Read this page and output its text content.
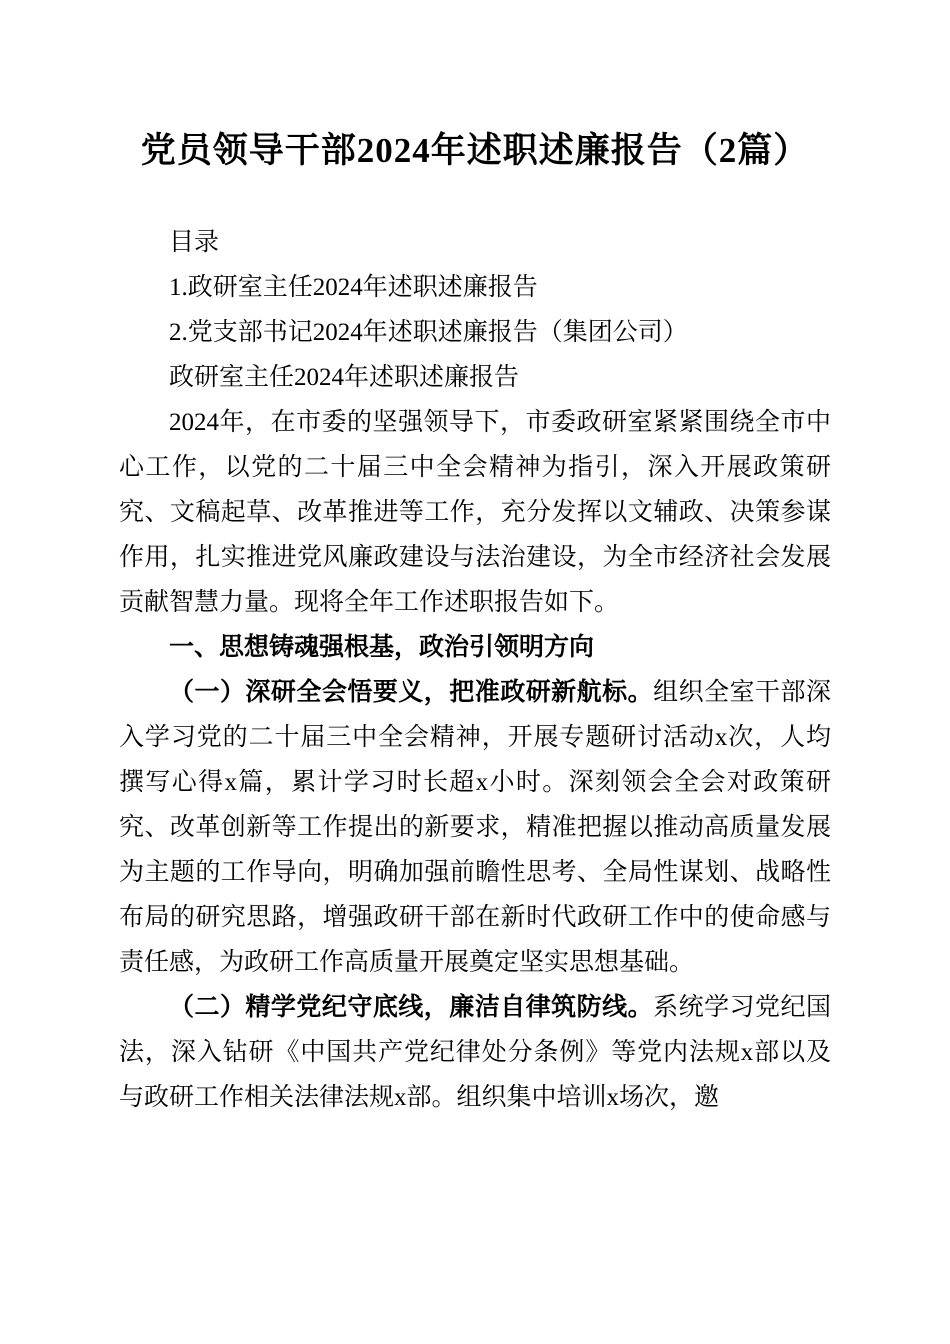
党员领导干部2024年述职述廉报告（2篇）

目录

1.政研室主任2024年述职述廉报告

2.党支部书记2024年述职述廉报告（集团公司）

政研室主任2024年述职述廉报告

2024年，在市委的坚强领导下，市委政研室紧紧围绕全市中心工作，以党的二十届三中全会精神为指引，深入开展政策研究、文稿起草、改革推进等工作，充分发挥以文辅政、决策参谋作用，扎实推进党风廉政建设与法治建设，为全市经济社会发展贡献智慧力量。现将全年工作述职报告如下。

一、思想铸魂强根基，政治引领明方向

（一）深研全会悟要义，把准政研新航标。组织全室干部深入学习党的二十届三中全会精神，开展专题研讨活动x次，人均撰写心得x篇，累计学习时长超x小时。深刻领会全会对政策研究、改革创新等工作提出的新要求，精准把握以推动高质量发展为主题的工作导向，明确加强前瞻性思考、全局性谋划、战略性布局的研究思路，增强政研干部在新时代政研工作中的使命感与责任感，为政研工作高质量开展奠定坚实思想基础。

（二）精学党纪守底线，廉洁自律筑防线。系统学习党纪国法，深入钻研《中国共产党纪律处分条例》等党内法规x部以及与政研工作相关法律法规x部。组织集中培训x场次，邀
